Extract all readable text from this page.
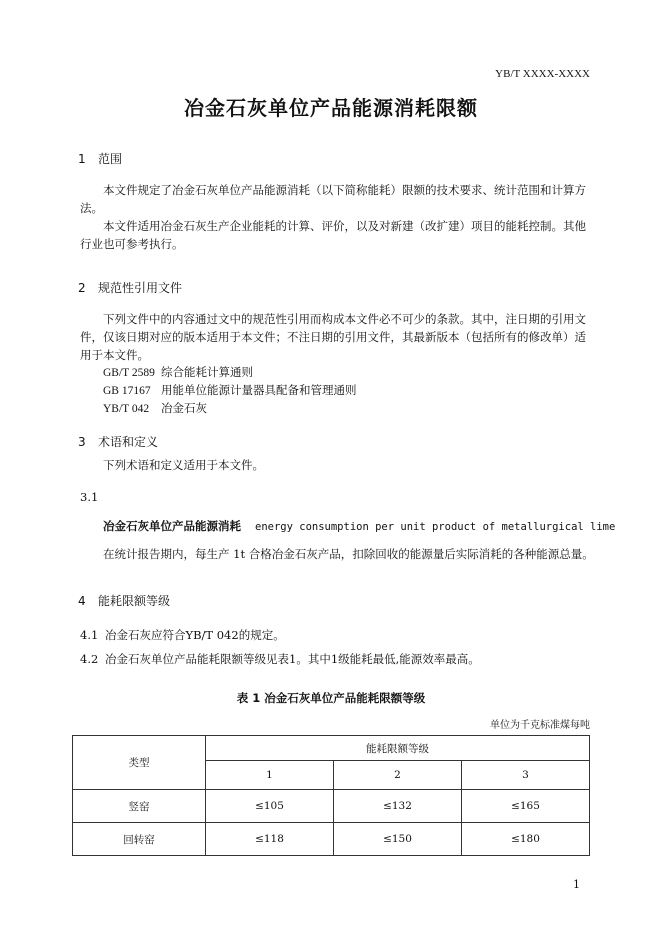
YB/T XXXX-XXXX
冶金石灰单位产品能源消耗限额
1 范围
本文件规定了冶金石灰单位产品能源消耗（以下简称能耗）限额的技术要求、统计范围和计算方法。
本文件适用冶金石灰生产企业能耗的计算、评价，以及对新建（改扩建）项目的能耗控制。其他行业也可参考执行。
2 规范性引用文件
下列文件中的内容通过文中的规范性引用而构成本文件必不可少的条款。其中，注日期的引用文件，仅该日期对应的版本适用于本文件；不注日期的引用文件，其最新版本（包括所有的修改单）适用于本文件。
GB/T 2589 综合能耗计算通则
GB 17167 用能单位能源计量器具配备和管理通则
YB/T 042 冶金石灰
3 术语和定义
下列术语和定义适用于本文件。
3.1
冶金石灰单位产品能源消耗 energy consumption per unit product of metallurgical lime
在统计报告期内，每生产 1t 合格冶金石灰产品，扣除回收的能源量后实际消耗的各种能源总量。
4 能耗限额等级
4.1 冶金石灰应符合YB/T 042的规定。
4.2 冶金石灰单位产品能耗限额等级见表1。其中1级能耗最低,能源效率最高。
表 1 冶金石灰单位产品能耗限额等级
单位为千克标准煤每吨
类型	能耗限额等级		
	1	2	3
竖窑	≤105	≤132	≤165
回转窑	≤118	≤150	≤180
1
